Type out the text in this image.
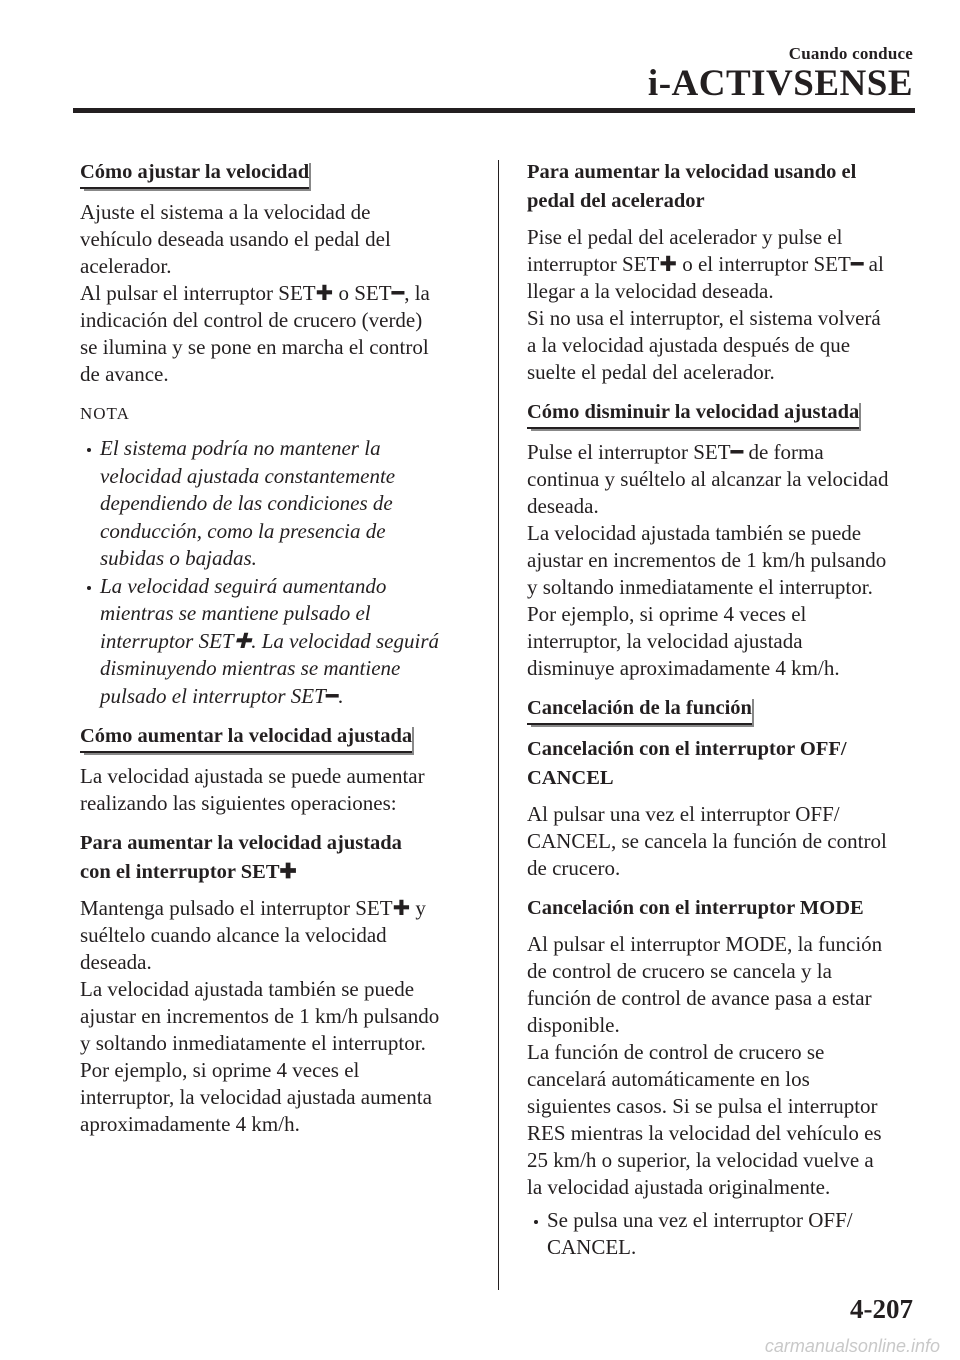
Cuando conduce
i-ACTIVSENSE
Cómo ajustar la velocidad

Ajuste el sistema a la velocidad de
vehículo deseada usando el pedal del
acelerador.
Al pulsar el interruptor SET✚ o SET━, la
indicación del control de crucero (verde)
se ilumina y se pone en marcha el control
de avance.

NOTA
El sistema podría no mantener la
velocidad ajustada constantemente
dependiendo de las condiciones de
conducción, como la presencia de
subidas o bajadas.
La velocidad seguirá aumentando
mientras se mantiene pulsado el
interruptor SET✚. La velocidad seguirá
disminuyendo mientras se mantiene
pulsado el interruptor SET━.
Cómo aumentar la velocidad ajustada

La velocidad ajustada se puede aumentar
realizando las siguientes operaciones:

Para aumentar la velocidad ajustada
con el interruptor SET✚

Mantenga pulsado el interruptor SET✚ y
suéltelo cuando alcance la velocidad
deseada.
La velocidad ajustada también se puede
ajustar en incrementos de 1 km/h pulsando
y soltando inmediatamente el interruptor.
Por ejemplo, si oprime 4 veces el
interruptor, la velocidad ajustada aumenta
aproximadamente 4 km/h.

Para aumentar la velocidad usando el
pedal del acelerador

Pise el pedal del acelerador y pulse el
interruptor SET✚ o el interruptor SET━ al
llegar a la velocidad deseada.
Si no usa el interruptor, el sistema volverá
a la velocidad ajustada después de que
suelte el pedal del acelerador.

Cómo disminuir la velocidad ajustada

Pulse el interruptor SET━ de forma
continua y suéltelo al alcanzar la velocidad
deseada.
La velocidad ajustada también se puede
ajustar en incrementos de 1 km/h pulsando
y soltando inmediatamente el interruptor.
Por ejemplo, si oprime 4 veces el
interruptor, la velocidad ajustada
disminuye aproximadamente 4 km/h.

Cancelación de la función
Cancelación con el interruptor OFF/
CANCEL

Al pulsar una vez el interruptor OFF/
CANCEL, se cancela la función de control
de crucero.

Cancelación con el interruptor MODE

Al pulsar el interruptor MODE, la función
de control de crucero se cancela y la
función de control de avance pasa a estar
disponible.
La función de control de crucero se
cancelará automáticamente en los
siguientes casos. Si se pulsa el interruptor
RES mientras la velocidad del vehículo es
25 km/h o superior, la velocidad vuelve a
la velocidad ajustada originalmente.

Se pulsa una vez el interruptor OFF/
CANCEL.
4-207
carmanualsonline.info
